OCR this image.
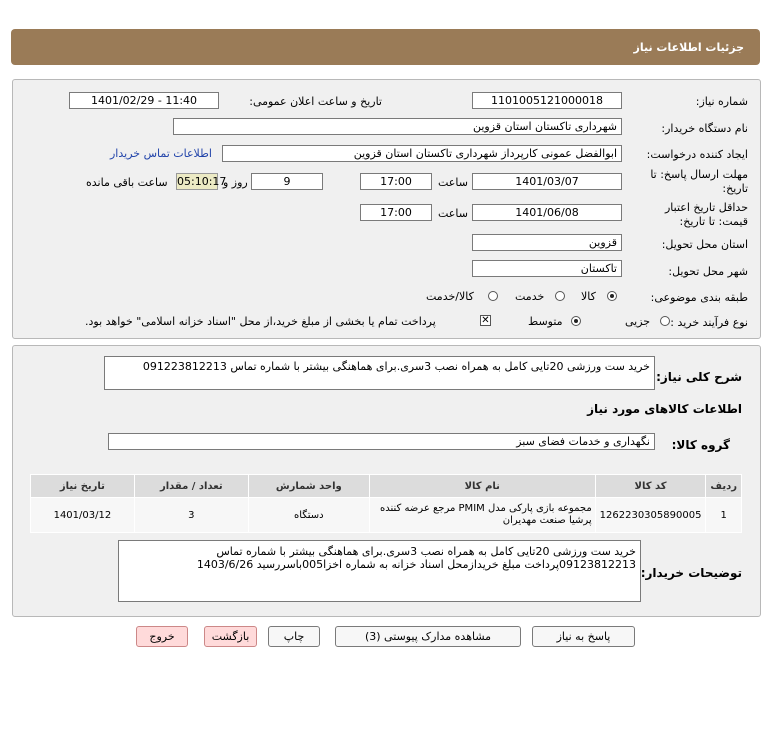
جزئیات اطلاعات نیاز
شماره نیاز:
1101005121000018
تاریخ و ساعت اعلان عمومی:
1401/02/29 - 11:40
نام دستگاه خریدار:
شهرداری تاکستان استان قزوین
ایجاد کننده درخواست:
ابوالفضل عمونی کارپرداز شهرداری تاکستان استان قزوین
اطلاعات تماس خریدار
مهلت ارسال پاسخ: تا
تاریخ:
1401/03/07
ساعت
17:00
9
روز و
05:10:17
ساعت باقی مانده
حداقل تاریخ اعتبار
قیمت: تا تاریخ:
1401/06/08
ساعت
17:00
استان محل تحویل:
قزوین
شهر محل تحویل:
تاکستان
طبقه بندی موضوعی:
کالا
خدمت
کالا/خدمت
نوع فرآیند خرید :
جزیی
متوسط
✕
پرداخت تمام یا بخشی از مبلغ خرید،از محل "اسناد خزانه اسلامی" خواهد بود.
شرح کلی نیاز:
خرید ست ورزشی 20تایی کامل به همراه نصب 3سری.برای هماهنگی بیشتر با شماره تماس 091223812213
اطلاعات کالاهای مورد نیاز
گروه کالا:
نگهداری و خدمات فضای سبز
ردیف	کد کالا	نام کالا	واحد شمارش	تعداد / مقدار	تاریخ نیاز
1	1262230305890005	مجموعه بازی پارکی مدل PMIM مرجع عرضه کننده پرشیا صنعت مهدیران	دستگاه	3	1401/03/12
توضیحات خریدار:
خرید ست ورزشی 20تایی کامل به همراه نصب 3سری.برای هماهنگی بیشتر با شماره تماس
09123812213پرداخت مبلغ خریدازمحل اسناد خزانه به شماره اخزا005باسررسید 1403/6/26
پاسخ به نیاز
مشاهده مدارک پیوستی (3)
چاپ
بازگشت
خروج
